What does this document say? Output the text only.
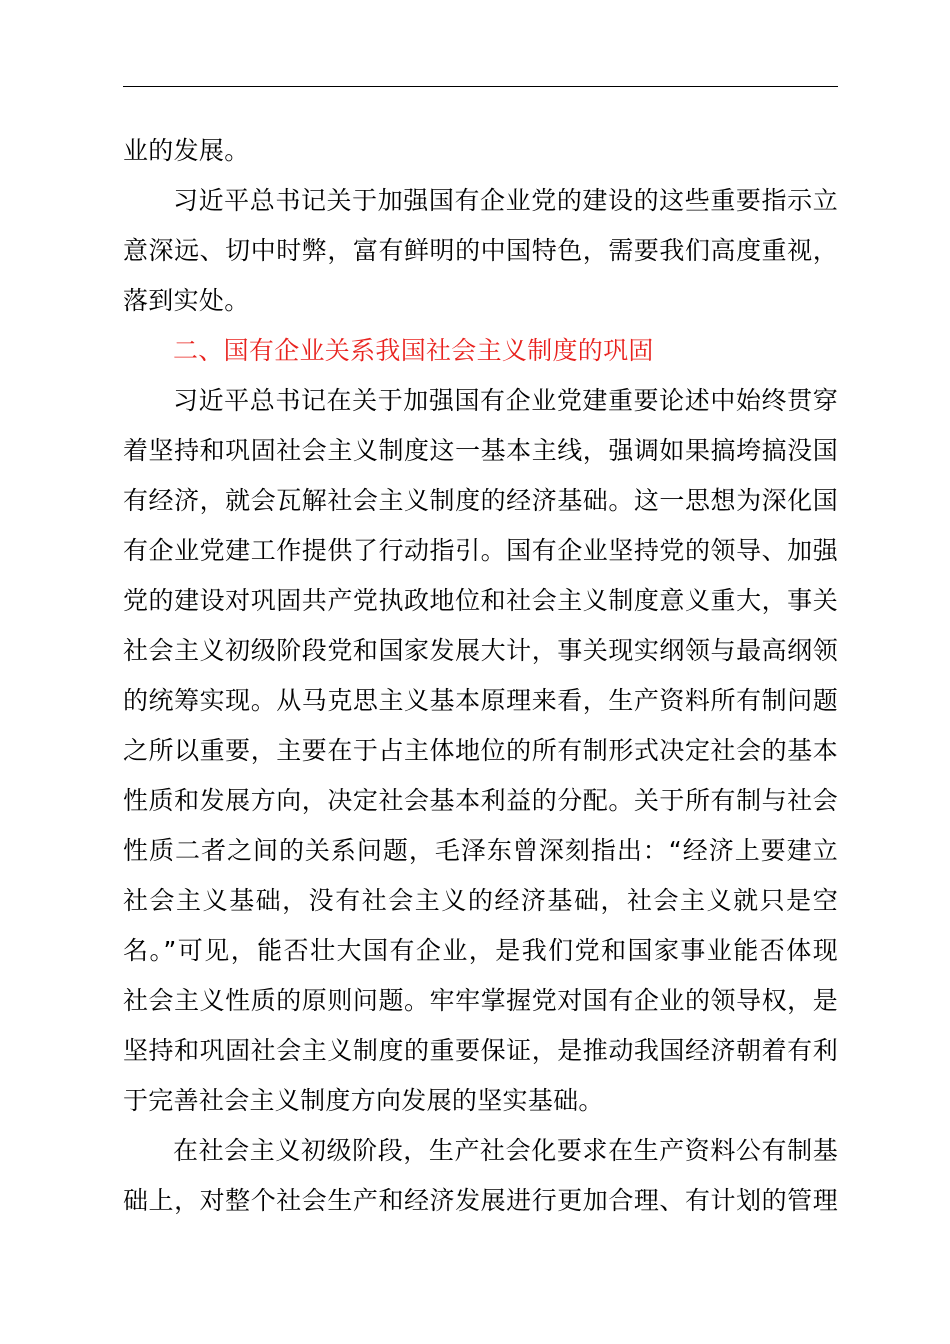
业的发展。
习近平总书记关于加强国有企业党的建设的这些重要指示立
意深远、切中时弊，富有鲜明的中国特色，需要我们高度重视，
落到实处。
二、国有企业关系我国社会主义制度的巩固
习近平总书记在关于加强国有企业党建重要论述中始终贯穿
着坚持和巩固社会主义制度这一基本主线，强调如果搞垮搞没国
有经济，就会瓦解社会主义制度的经济基础。这一思想为深化国
有企业党建工作提供了行动指引。国有企业坚持党的领导、加强
党的建设对巩固共产党执政地位和社会主义制度意义重大，事关
社会主义初级阶段党和国家发展大计，事关现实纲领与最高纲领
的统筹实现。从马克思主义基本原理来看，生产资料所有制问题
之所以重要，主要在于占主体地位的所有制形式决定社会的基本
性质和发展方向，决定社会基本利益的分配。关于所有制与社会
性质二者之间的关系问题，毛泽东曾深刻指出：“经济上要建立
社会主义基础，没有社会主义的经济基础，社会主义就只是空
名。”可见，能否壮大国有企业，是我们党和国家事业能否体现
社会主义性质的原则问题。牢牢掌握党对国有企业的领导权，是
坚持和巩固社会主义制度的重要保证，是推动我国经济朝着有利
于完善社会主义制度方向发展的坚实基础。
在社会主义初级阶段，生产社会化要求在生产资料公有制基
础上，对整个社会生产和经济发展进行更加合理、有计划的管理
